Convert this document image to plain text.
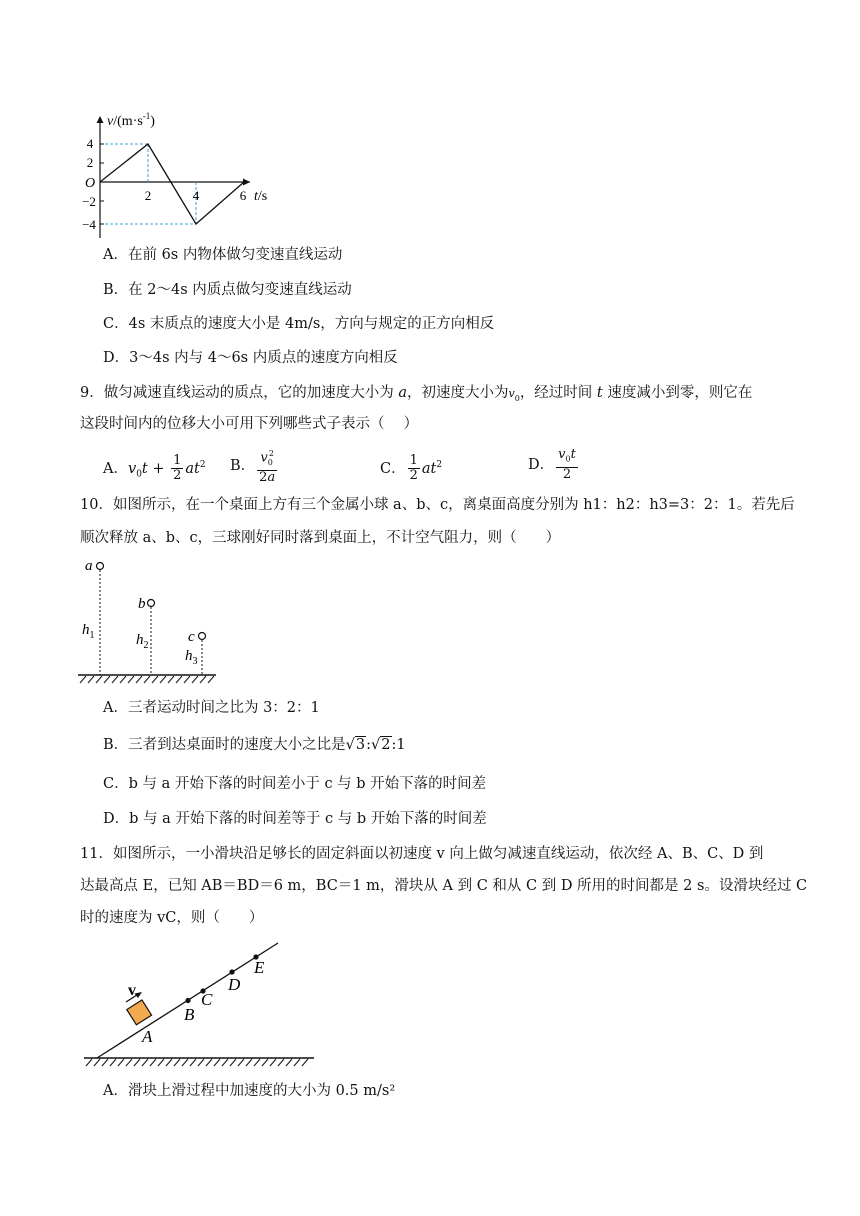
$v/(m\cdot s^{-1})$
4
2
O
−2
−4
2	4	6 t/s
A．在前 6s 内物体做匀变速直线运动
B．在 2～4s 内质点做匀变速直线运动
C．4s 末质点的速度大小是 4m/s，方向与规定的正方向相反
D．3～4s 内与 4～6s 内质点的速度方向相反
9．做匀减速直线运动的质点，它的加速度大小为 a，初速度大小为$v_0$，经过时间 t 速度减小到零，则它在
这段时间内的位移大小可用下列哪些式子表示（　 ）
A．$v_0t + \frac{1}{2} at^2$ B． $\frac{v_0^2}{2a}$	C． $\frac{1}{2} at^2$	D． $\frac{v_0t}{2}$
10．如图所示，在一个桌面上方有三个金属小球 a、b、c，离桌面高度分别为 h1：h2：h3=3：2：1。若先后
顺次释放 a、b、c，三球刚好同时落到桌面上，不计空气阻力，则（　　）
a
$h_1$
b
$h_2$
c
$h_3$
A．三者运动时间之比为 3：2：1
B．三者到达桌面时的速度大小之比是√3:√2:1
C．b 与 a 开始下落的时间差小于 c 与 b 开始下落的时间差
D．b 与 a 开始下落的时间差等于 c 与 b 开始下落的时间差
11．如图所示，一小滑块沿足够长的固定斜面以初速度 v 向上做匀减速直线运动，依次经 A、B、C、D 到
达最高点 E，已知 AB＝BD＝6 m，BC＝1 m，滑块从 A 到 C 和从 C 到 D 所用的时间都是 2 s。设滑块经过 C
时的速度为 vC，则（　　）
v
A
B
C
D
E
A．滑块上滑过程中加速度的大小为 0.5 m/s²
